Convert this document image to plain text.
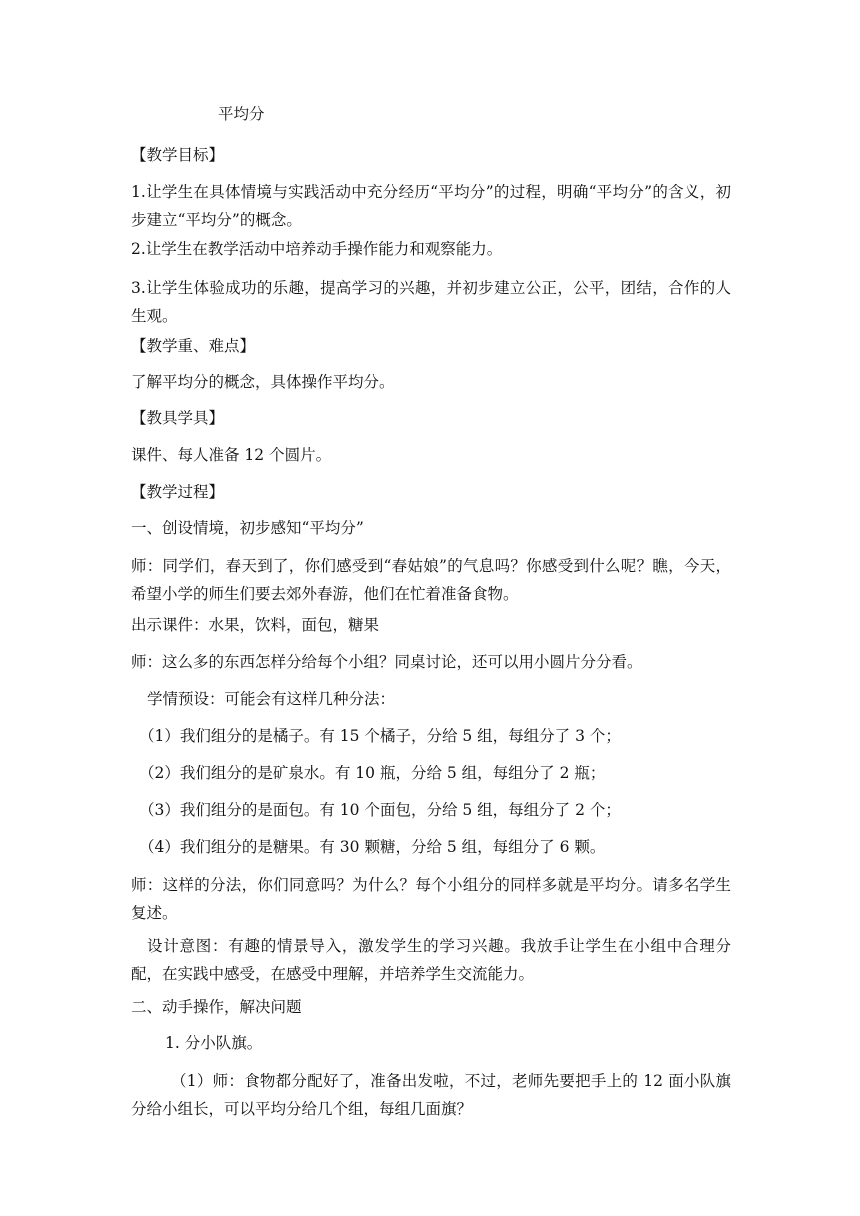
平均分
【教学目标】
1.让学生在具体情境与实践活动中充分经历“平均分”的过程，明确“平均分”的含义，初步建立“平均分”的概念。
2.让学生在教学活动中培养动手操作能力和观察能力。
3.让学生体验成功的乐趣，提高学习的兴趣，并初步建立公正，公平，团结，合作的人生观。
【教学重、难点】
了解平均分的概念，具体操作平均分。
【教具学具】
课件、每人准备 12 个圆片。
【教学过程】
一、创设情境，初步感知“平均分”
师：同学们，春天到了，你们感受到“春姑娘”的气息吗？你感受到什么呢？瞧，今天，希望小学的师生们要去郊外春游，他们在忙着准备食物。
出示课件：水果，饮料，面包，糖果
师：这么多的东西怎样分给每个小组？同桌讨论，还可以用小圆片分分看。
学情预设：可能会有这样几种分法：
（1）我们组分的是橘子。有 15 个橘子，分给 5 组，每组分了 3 个；
（2）我们组分的是矿泉水。有 10 瓶，分给 5 组，每组分了 2 瓶；
（3）我们组分的是面包。有 10 个面包，分给 5 组，每组分了 2 个；
（4）我们组分的是糖果。有 30 颗糖，分给 5 组，每组分了 6 颗。
师：这样的分法，你们同意吗？为什么？每个小组分的同样多就是平均分。请多名学生复述。
设计意图：有趣的情景导入，激发学生的学习兴趣。我放手让学生在小组中合理分配，在实践中感受，在感受中理解，并培养学生交流能力。
二、动手操作，解决问题
1. 分小队旗。
（1）师：食物都分配好了，准备出发啦，不过，老师先要把手上的 12 面小队旗分给小组长，可以平均分给几个组，每组几面旗？
